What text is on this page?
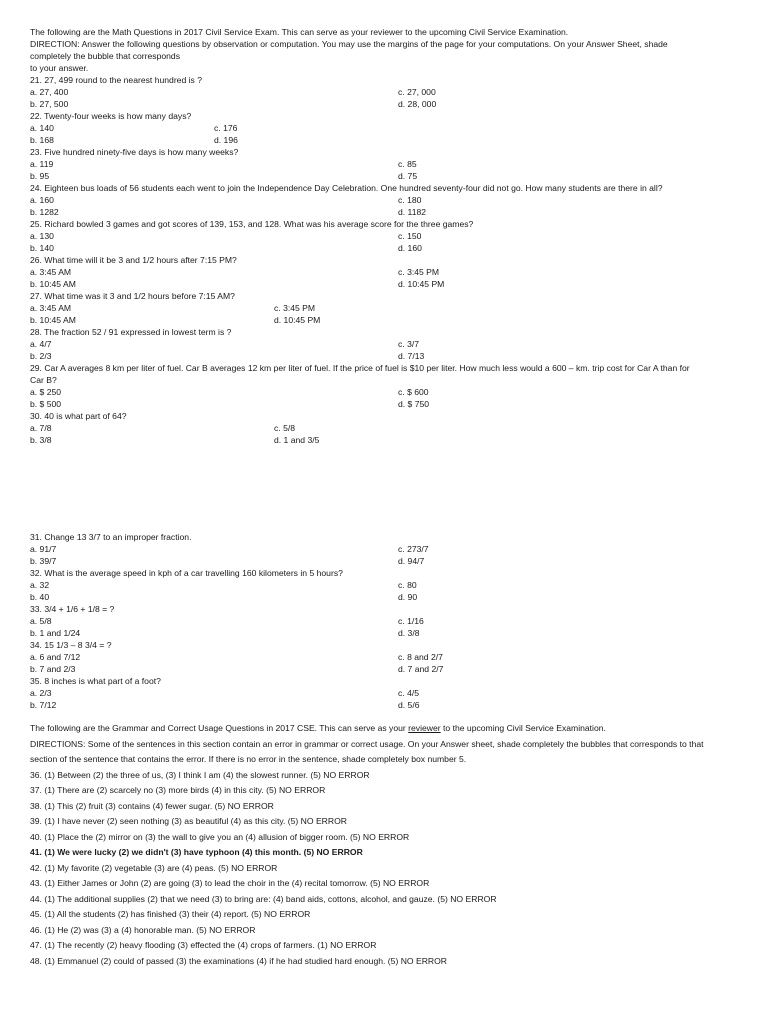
The following are the Math Questions in 2017 Civil Service Exam. This can serve as your reviewer to the upcoming Civil Service Examination.
DIRECTION: Answer the following questions by observation or computation. You may use the margins of the page for your computations. On your Answer Sheet, shade
completely the bubble that corresponds
to your answer.
21. 27, 499 round to the nearest hundred is ?
a. 27, 400	c. 27, 000
b. 27, 500	d. 28, 000
22. Twenty-four weeks is how many days?
a. 140	c. 176
b. 168	d. 196
23. Five hundred ninety-five days is how many weeks?
a. 119	c. 85
b. 95	d. 75
24. Eighteen bus loads of 56 students each went to join the Independence Day Celebration. One hundred seventy-four did not go. How many students are there in all?
a. 160	c. 180
b. 1282	d. 1182
25. Richard bowled 3 games and got scores of 139, 153, and 128. What was his average score for the three games?
a. 130	c. 150
b. 140	d. 160
26. What time will it be 3 and 1/2 hours after 7:15 PM?
a. 3:45 AM	c. 3:45 PM
b. 10:45 AM	d. 10:45 PM
27. What time was it 3 and 1/2 hours before 7:15 AM?
a. 3:45 AM	c. 3:45 PM
b. 10:45 AM	d. 10:45 PM
28. The fraction 52 / 91 expressed in lowest term is ?
a. 4/7	c. 3/7
b. 2/3	d. 7/13
29. Car A averages 8 km per liter of fuel. Car B averages 12 km per liter of fuel. If the price of fuel is $10 per liter. How much less would a 600 – km. trip cost for Car A than for
Car B?
a. $ 250	c. $ 600
b. $ 500	d. $ 750
30. 40 is what part of 64?
a. 7/8	c. 5/8
b. 3/8	d. 1 and 3/5
31. Change 13 3/7 to an improper fraction.
a. 91/7	c. 273/7
b. 39/7	d. 94/7
32. What is the average speed in kph of a car travelling 160 kilometers in 5 hours?
a. 32	c. 80
b. 40	d. 90
33. 3/4 + 1/6 + 1/8 = ?
a. 5/8	c. 1/16
b. 1 and 1/24	d. 3/8
34. 15 1/3 – 8 3/4 = ?
a. 6 and 7/12	c. 8 and 2/7
b. 7 and 2/3	d. 7 and 2/7
35. 8 inches is what part of a foot?
a. 2/3	c. 4/5
b. 7/12	d. 5/6
The following are the Grammar and Correct Usage Questions in 2017 CSE. This can serve as your reviewer to the upcoming Civil Service Examination.
DIRECTIONS: Some of the sentences in this section contain an error in grammar or correct usage. On your Answer sheet, shade completely the bubbles that corresponds to that
section of the sentence that contains the error. If there is no error in the sentence, shade completely box number 5.
36. (1) Between (2) the three of us, (3) I think I am (4) the slowest runner. (5) NO ERROR
37. (1) There are (2) scarcely no (3) more birds (4) in this city. (5) NO ERROR
38. (1) This (2) fruit (3) contains (4) fewer sugar. (5) NO ERROR
39. (1) I have never (2) seen nothing (3) as beautiful (4) as this city. (5) NO ERROR
40. (1) Place the (2) mirror on (3) the wall to give you an (4) allusion of bigger room. (5) NO ERROR
41. (1) We were lucky (2) we didn't (3) have typhoon (4) this month. (5) NO ERROR
42. (1) My favorite (2) vegetable (3) are (4) peas. (5) NO ERROR
43. (1) Either James or John (2) are going (3) to lead the choir in the (4) recital tomorrow. (5) NO ERROR
44. (1) The additional supplies (2) that we need (3) to bring are: (4) band aids, cottons, alcohol, and gauze. (5) NO ERROR
45. (1) All the students (2) has finished (3) their (4) report. (5) NO ERROR
46. (1) He (2) was (3) a (4) honorable man. (5) NO ERROR
47. (1) The recently (2) heavy flooding (3) effected the (4) crops of farmers. (1) NO ERROR
48. (1) Emmanuel (2) could of passed (3) the examinations (4) if he had studied hard enough. (5) NO ERROR
